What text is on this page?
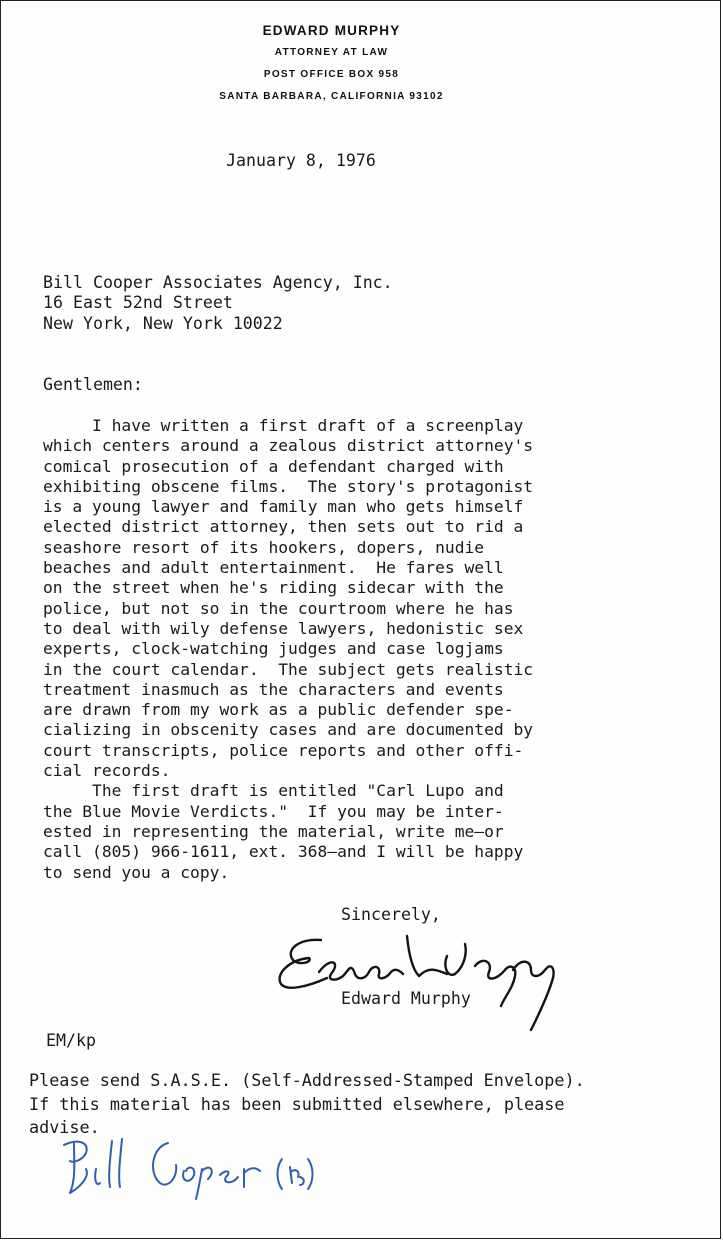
EDWARD MURPHY
ATTORNEY AT LAW
POST OFFICE BOX 958
SANTA BARBARA, CALIFORNIA 93102
January 8, 1976
Bill Cooper Associates Agency, Inc.
16 East 52nd Street
New York, New York 10022
Gentlemen:
I have written a first draft of a screenplay
which centers around a zealous district attorney's
comical prosecution of a defendant charged with
exhibiting obscene films.  The story's protagonist
is a young lawyer and family man who gets himself
elected district attorney, then sets out to rid a
seashore resort of its hookers, dopers, nudie
beaches and adult entertainment.  He fares well
on the street when he's riding sidecar with the
police, but not so in the courtroom where he has
to deal with wily defense lawyers, hedonistic sex
experts, clock-watching judges and case logjams
in the court calendar.  The subject gets realistic
treatment inasmuch as the characters and events
are drawn from my work as a public defender spe-
cializing in obscenity cases and are documented by
court transcripts, police reports and other offi-
cial records.
The first draft is entitled "Carl Lupo and
the Blue Movie Verdicts."  If you may be inter-
ested in representing the material, write me—or
call (805) 966-1611, ext. 368—and I will be happy
to send you a copy.
Sincerely,
Edward Murphy
EM/kp
Please send S.A.S.E. (Self-Addressed-Stamped Envelope).
If this material has been submitted elsewhere, please
advise.
